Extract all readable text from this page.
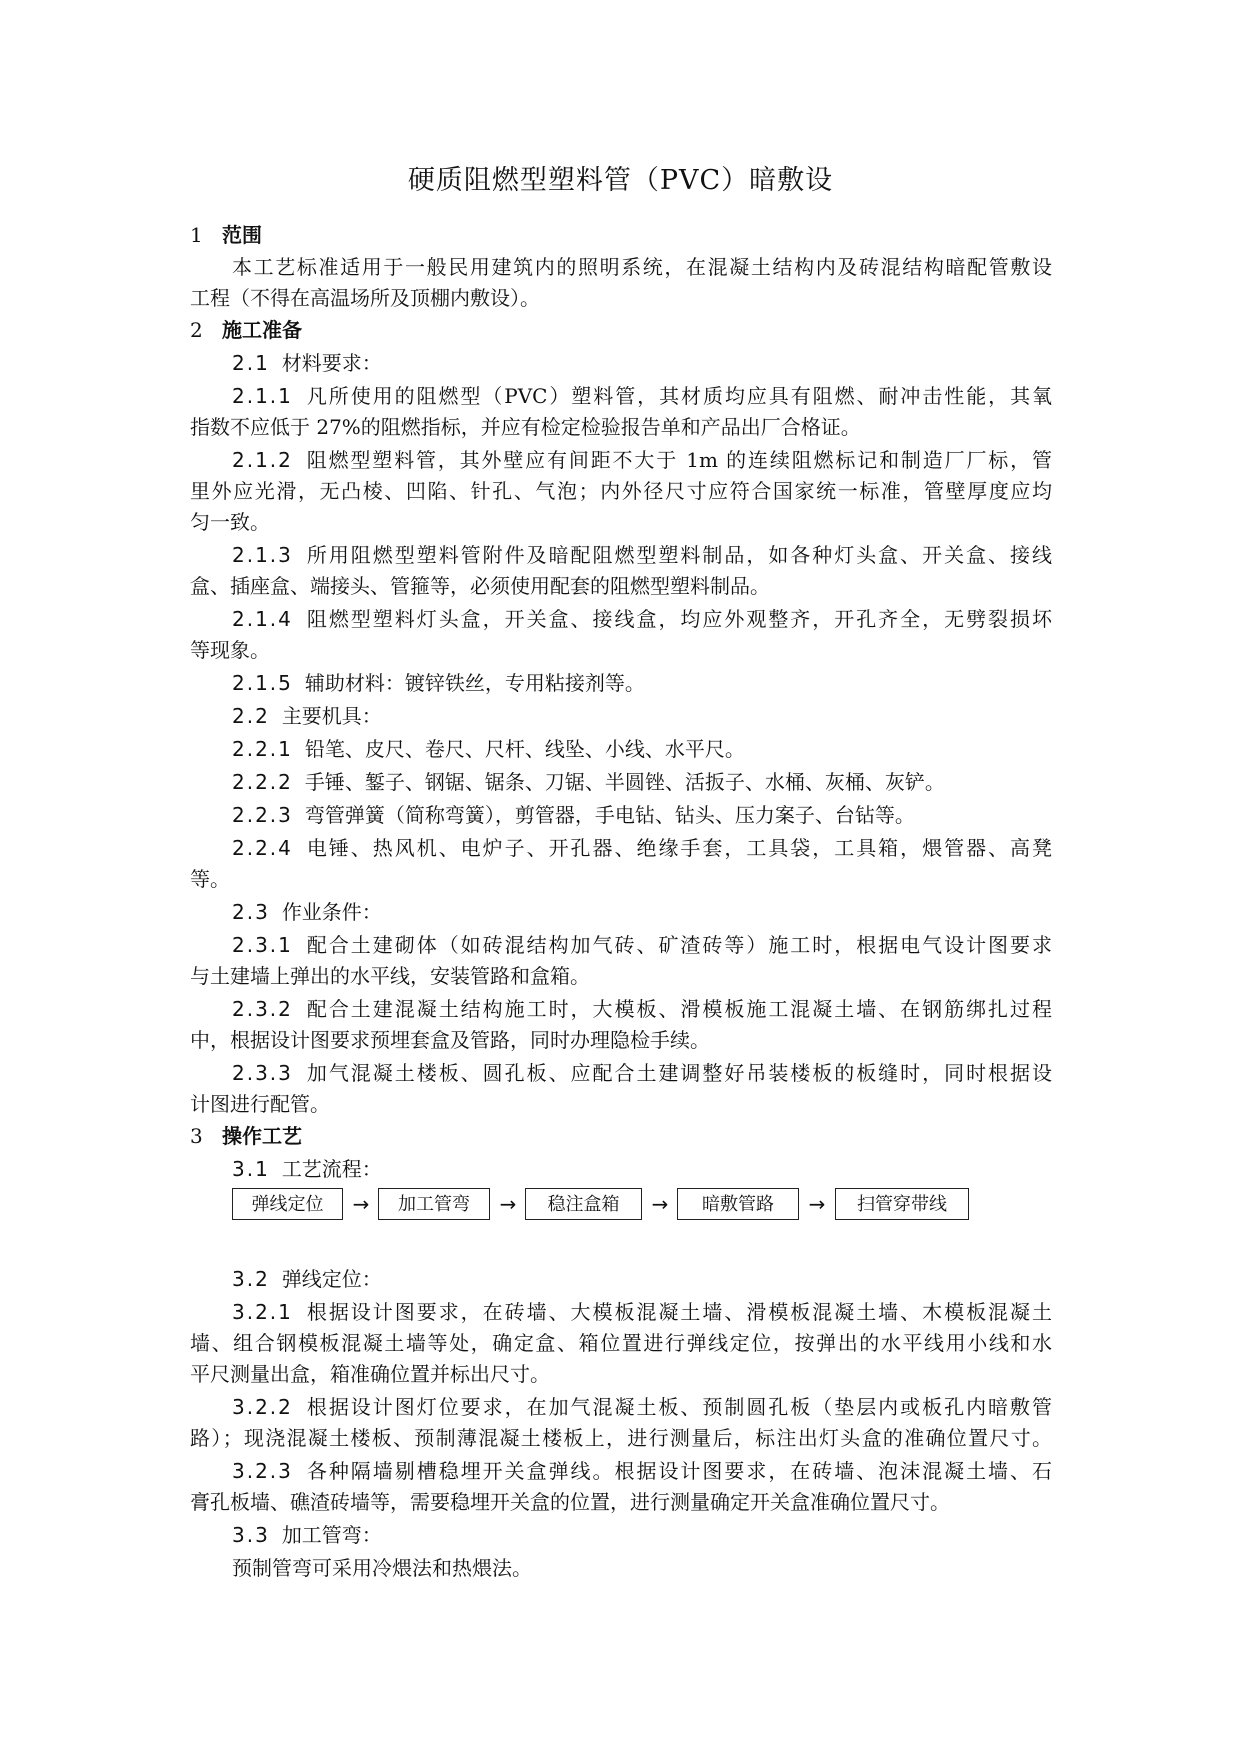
硬质阻燃型塑料管（PVC）暗敷设
1 范围
本工艺标准适用于一般民用建筑内的照明系统，在混凝土结构内及砖混结构暗配管敷设
工程（不得在高温场所及顶棚内敷设）。
2 施工准备
2.1 材料要求：
2.1.1 凡所使用的阻燃型（PVC）塑料管，其材质均应具有阻燃、耐冲击性能，其氧
指数不应低于 27%的阻燃指标，并应有检定检验报告单和产品出厂合格证。
2.1.2 阻燃型塑料管，其外壁应有间距不大于 1m 的连续阻燃标记和制造厂厂标，管
里外应光滑，无凸棱、凹陷、针孔、气泡；内外径尺寸应符合国家统一标准，管壁厚度应均
匀一致。
2.1.3 所用阻燃型塑料管附件及暗配阻燃型塑料制品，如各种灯头盒、开关盒、接线
盒、插座盒、端接头、管箍等，必须使用配套的阻燃型塑料制品。
2.1.4 阻燃型塑料灯头盒，开关盒、接线盒，均应外观整齐，开孔齐全，无劈裂损坏
等现象。
2.1.5 辅助材料：镀锌铁丝，专用粘接剂等。
2.2 主要机具：
2.2.1 铅笔、皮尺、卷尺、尺杆、线坠、小线、水平尺。
2.2.2 手锤、錾子、钢锯、锯条、刀锯、半圆锉、活扳子、水桶、灰桶、灰铲。
2.2.3 弯管弹簧（简称弯簧），剪管器，手电钻、钻头、压力案子、台钻等。
2.2.4 电锤、热风机、电炉子、开孔器、绝缘手套，工具袋，工具箱，煨管器、高凳
等。
2.3 作业条件：
2.3.1 配合土建砌体（如砖混结构加气砖、矿渣砖等）施工时，根据电气设计图要求
与土建墙上弹出的水平线，安装管路和盒箱。
2.3.2 配合土建混凝土结构施工时，大模板、滑模板施工混凝土墙、在钢筋绑扎过程
中，根据设计图要求预埋套盒及管路，同时办理隐检手续。
2.3.3 加气混凝土楼板、圆孔板、应配合土建调整好吊装楼板的板缝时，同时根据设
计图进行配管。
3 操作工艺
3.1 工艺流程：
弹线定位	→	加工管弯	→	稳注盒箱	→	暗敷管路	→	扫管穿带线
3.2 弹线定位：
3.2.1 根据设计图要求，在砖墙、大模板混凝土墙、滑模板混凝土墙、木模板混凝土
墙、组合钢模板混凝土墙等处，确定盒、箱位置进行弹线定位，按弹出的水平线用小线和水
平尺测量出盒，箱准确位置并标出尺寸。
3.2.2 根据设计图灯位要求，在加气混凝土板、预制圆孔板（垫层内或板孔内暗敷管
路）；现浇混凝土楼板、预制薄混凝土楼板上，进行测量后，标注出灯头盒的准确位置尺寸。
3.2.3 各种隔墙剔槽稳埋开关盒弹线。根据设计图要求，在砖墙、泡沫混凝土墙、石
膏孔板墙、礁渣砖墙等，需要稳埋开关盒的位置，进行测量确定开关盒准确位置尺寸。
3.3 加工管弯：
预制管弯可采用冷煨法和热煨法。
